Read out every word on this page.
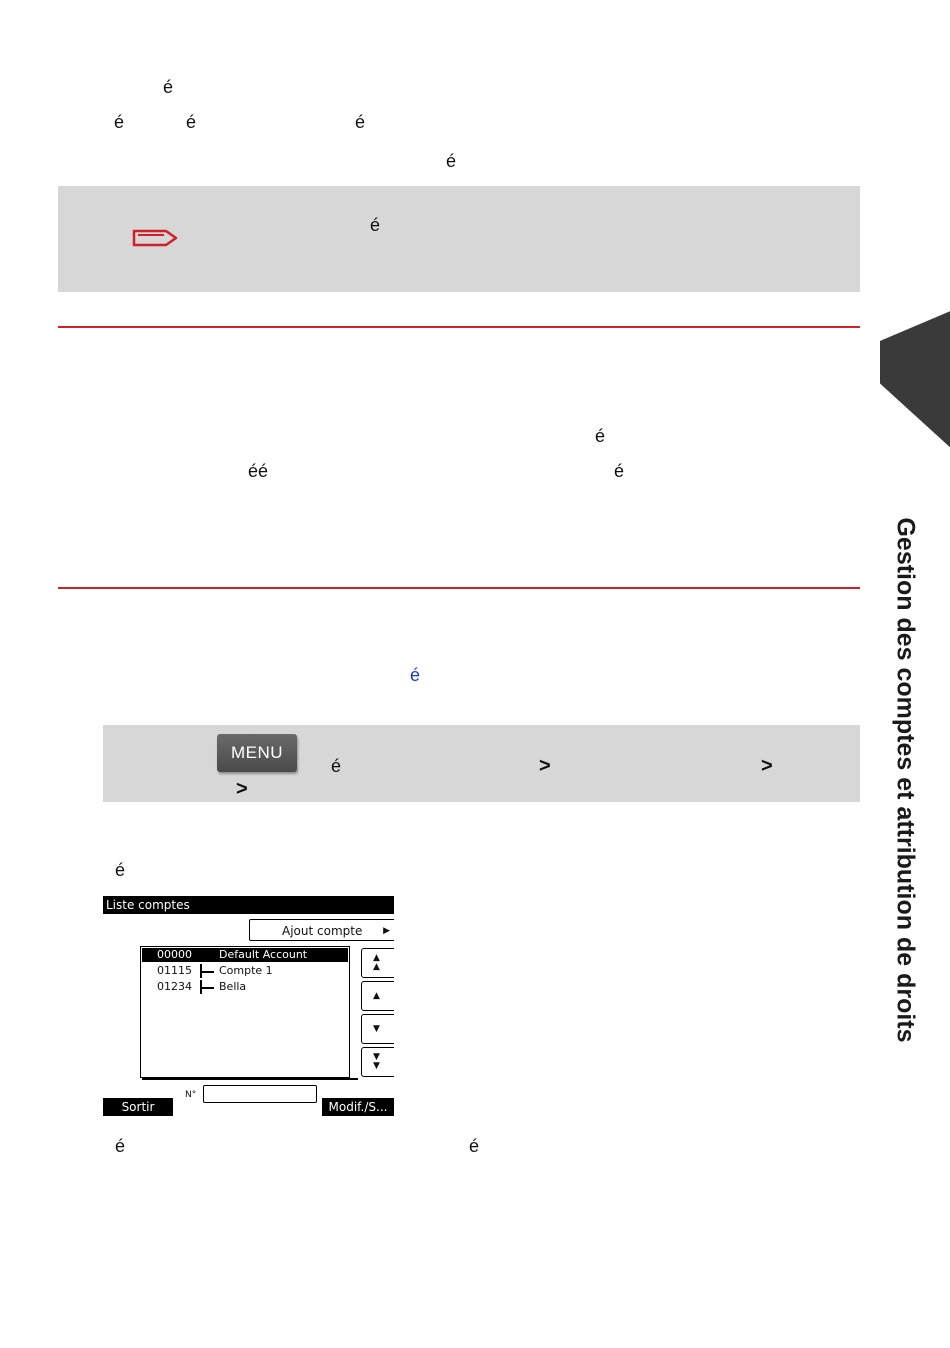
é
é	é	é
é
é
é
éé	é
é
MENU
é	>	>
>
é
Liste comptes
Ajout compte ▶
00000 Default Account
01115 Compte 1
01234 Bella
▲
▲
▲
▼
▼
▼
N°
Sortir	Modif./S...
é	é
Gestion des comptes et attribution de droits
